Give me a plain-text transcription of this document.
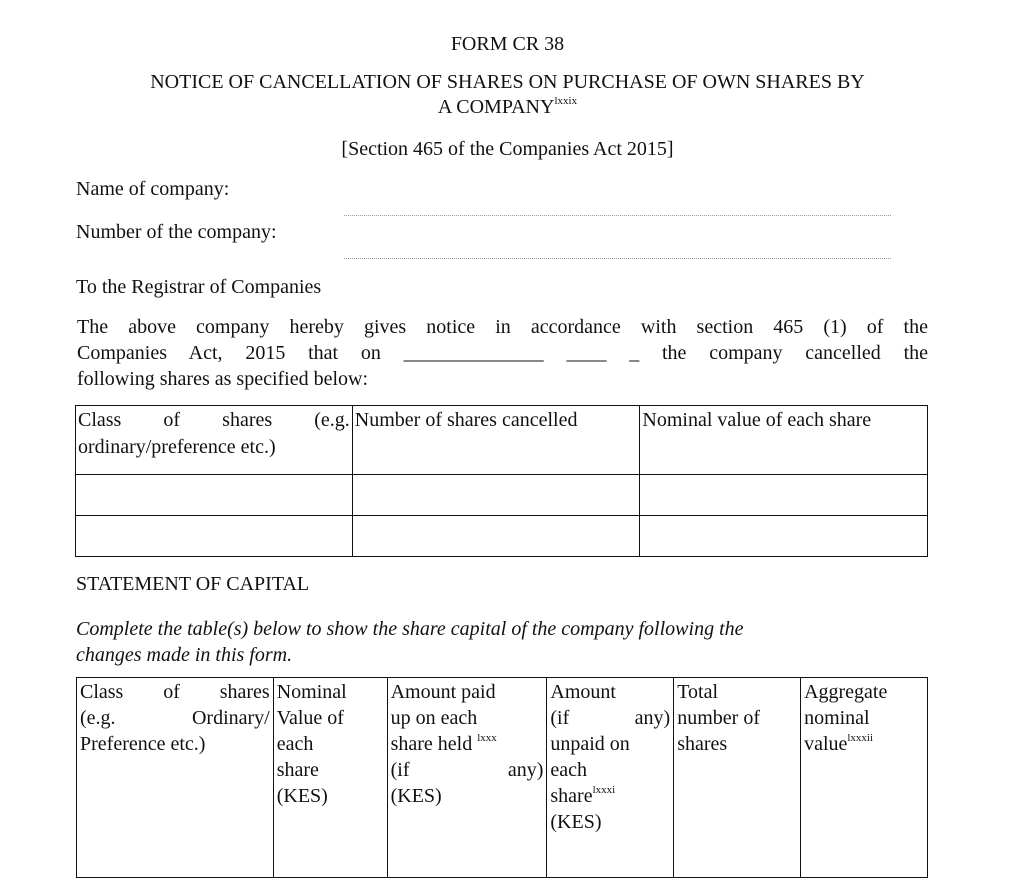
FORM CR 38
NOTICE OF CANCELLATION OF SHARES ON PURCHASE OF OWN SHARES BY
A $COMPANY^{lxxix}$
[Section 465 of the Companies Act 2015]
Name of company:
Number of the company:
To the Registrar of Companies
The above company hereby gives notice in accordance with section 465 (1) of the
Companies Act, 2015 that on ______________ ____ _ the company cancelled the
following shares as specified below:
Class of shares (e.g. ordinary/preference etc.)	Number of shares cancelled	Nominal value of each share

STATEMENT OF CAPITAL
Complete the table(s) below to show the share capital of the company following the
changes made in this form.
Class of shares
(e.g. Ordinary/
Preference etc.)

Nominal
Value of
each
share
(KES)

Amount paid
up on each
share held $^{lxxx}$
(if any)
(KES)

Amount
(if any)
unpaid on
each
share$^{lxxxi}$
(KES)

Total
number of
shares

Aggregate
nominal
value$^{lxxxii}$
